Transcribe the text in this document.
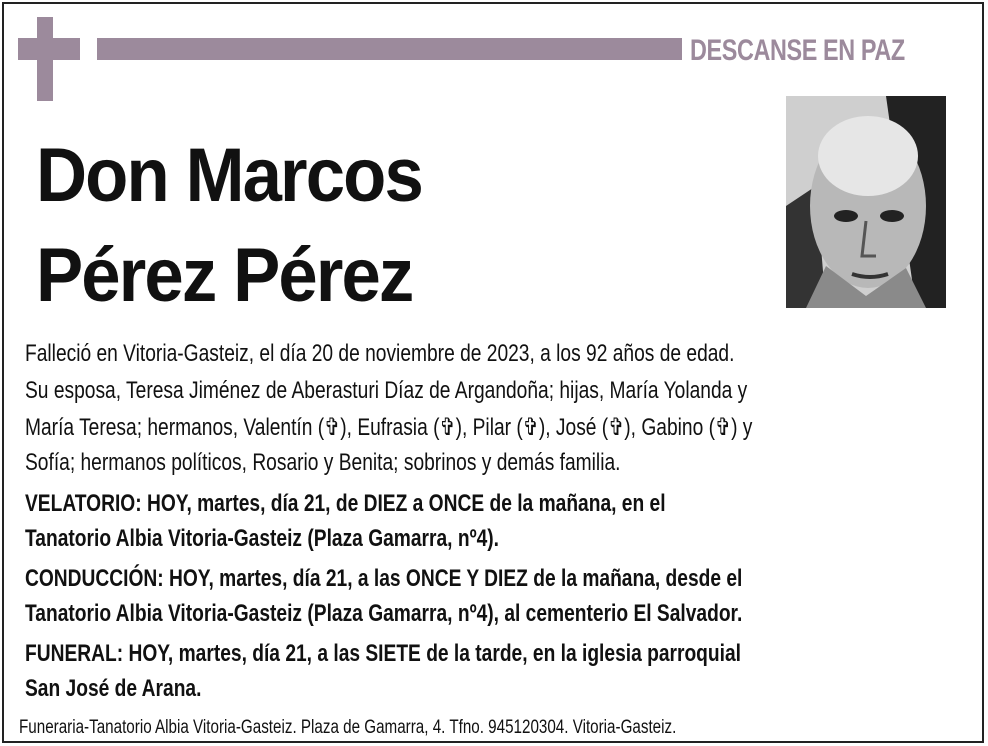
DESCANSE EN PAZ
Don Marcos
Pérez Pérez
Falleció en Vitoria-Gasteiz, el día 20 de noviembre de 2023, a los 92 años de edad.
Su esposa, Teresa Jiménez de Aberasturi Díaz de Argandoña; hijas, María Yolanda y
María Teresa; hermanos, Valentín (✞), Eufrasia (✞), Pilar (✞), José (✞), Gabino (✞) y
Sofía; hermanos políticos, Rosario y Benita; sobrinos y demás familia.
VELATORIO: HOY, martes, día 21, de DIEZ a ONCE de la mañana, en el
Tanatorio Albia Vitoria-Gasteiz (Plaza Gamarra, nº4).
CONDUCCIÓN: HOY, martes, día 21, a las ONCE Y DIEZ de la mañana, desde el
Tanatorio Albia Vitoria-Gasteiz (Plaza Gamarra, nº4), al cementerio El Salvador.
FUNERAL: HOY, martes, día 21, a las SIETE de la tarde, en la iglesia parroquial
San José de Arana.
Funeraria-Tanatorio Albia Vitoria-Gasteiz. Plaza de Gamarra, 4. Tfno. 945120304. Vitoria-Gasteiz.
